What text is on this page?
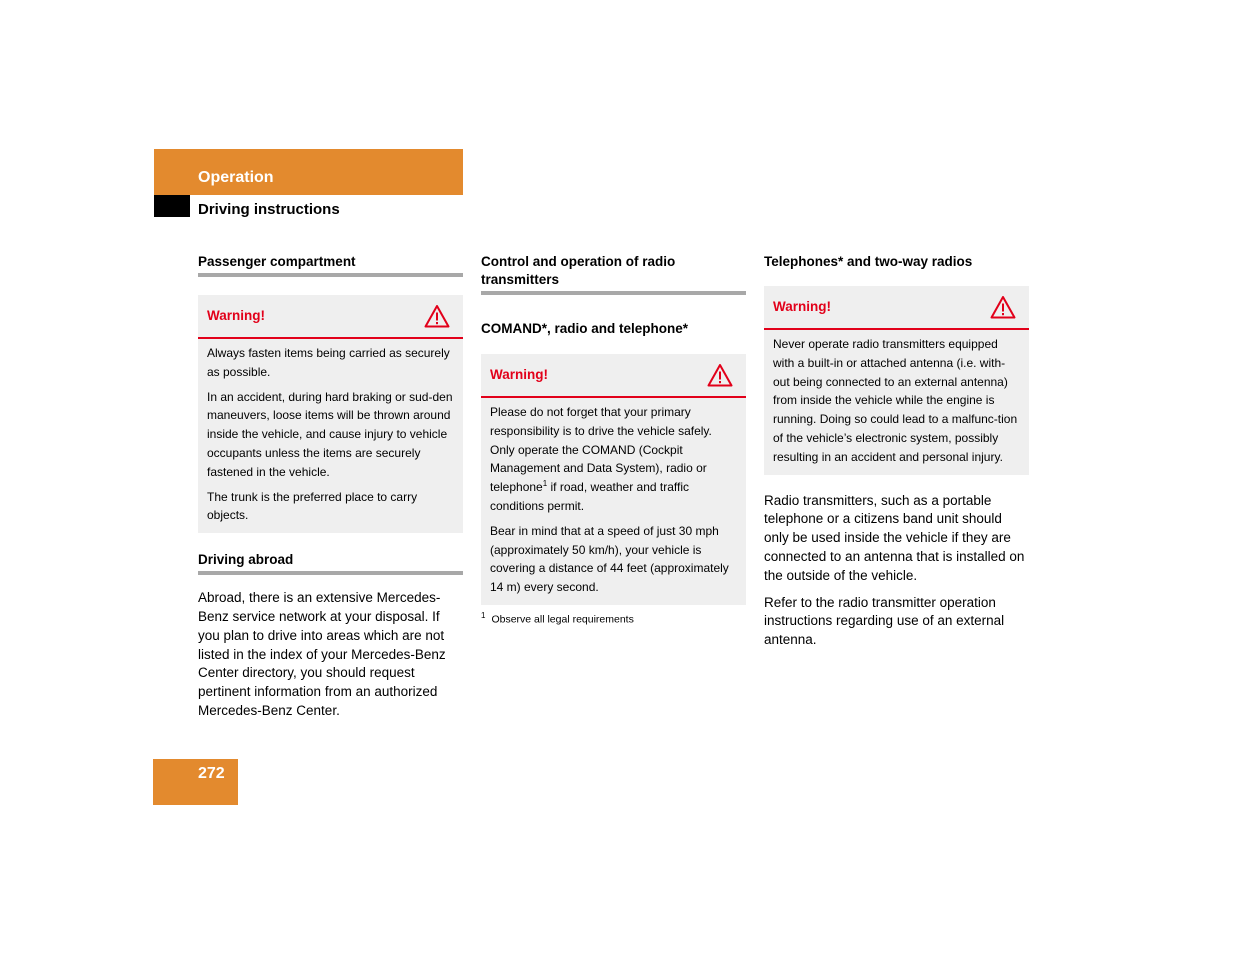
Operation
Driving instructions
Passenger compartment
Warning!

Always fasten items being carried as securely as possible.

In an accident, during hard braking or sud-den maneuvers, loose items will be thrown around inside the vehicle, and cause injury to vehicle occupants unless the items are securely fastened in the vehicle.

The trunk is the preferred place to carry objects.

Driving abroad
Abroad, there is an extensive Mercedes-Benz service network at your disposal. If you plan to drive into areas which are not listed in the index of your Mercedes-Benz Center directory, you should request pertinent information from an authorized Mercedes-Benz Center.
Control and operation of radio transmitters
COMAND*, radio and telephone*
Warning!

Please do not forget that your primary responsibility is to drive the vehicle safely. Only operate the COMAND (Cockpit Management and Data System), radio or telephone$^1$ if road, weather and traffic conditions permit.

Bear in mind that at a speed of just 30 mph (approximately 50 km/h), your vehicle is covering a distance of 44 feet (approximately 14 m) every second.

$^1$ Observe all legal requirements
Telephones* and two-way radios
Warning!

Never operate radio transmitters equipped with a built-in or attached antenna (i.e. with-out being connected to an external antenna) from inside the vehicle while the engine is running. Doing so could lead to a malfunc-tion of the vehicle’s electronic system, possibly resulting in an accident and personal injury.

Radio transmitters, such as a portable telephone or a citizens band unit should only be used inside the vehicle if they are connected to an antenna that is installed on the outside of the vehicle.

Refer to the radio transmitter operation instructions regarding use of an external antenna.

272
